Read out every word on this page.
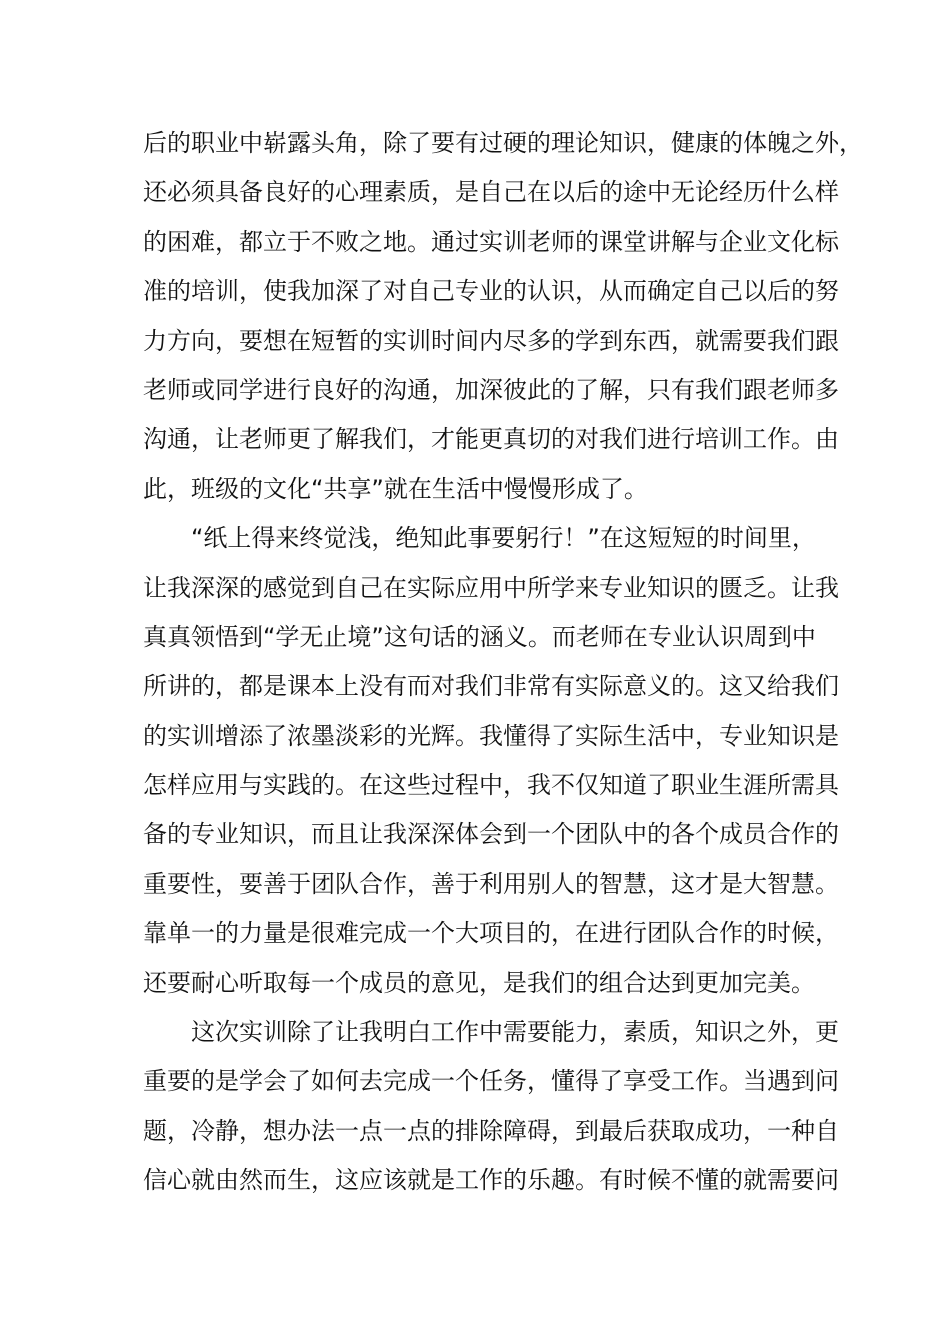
后的职业中崭露头角，除了要有过硬的理论知识，健康的体魄之外，
还必须具备良好的心理素质，是自己在以后的途中无论经历什么样
的困难，都立于不败之地。通过实训老师的课堂讲解与企业文化标
准的培训，使我加深了对自己专业的认识，从而确定自己以后的努
力方向，要想在短暂的实训时间内尽多的学到东西，就需要我们跟
老师或同学进行良好的沟通，加深彼此的了解，只有我们跟老师多
沟通，让老师更了解我们，才能更真切的对我们进行培训工作。由
此，班级的文化“共享”就在生活中慢慢形成了。
“纸上得来终觉浅，绝知此事要躬行！”在这短短的时间里，
让我深深的感觉到自己在实际应用中所学来专业知识的匮乏。让我
真真领悟到“学无止境”这句话的涵义。而老师在专业认识周到中
所讲的，都是课本上没有而对我们非常有实际意义的。这又给我们
的实训增添了浓墨淡彩的光辉。我懂得了实际生活中，专业知识是
怎样应用与实践的。在这些过程中，我不仅知道了职业生涯所需具
备的专业知识，而且让我深深体会到一个团队中的各个成员合作的
重要性，要善于团队合作，善于利用别人的智慧，这才是大智慧。
靠单一的力量是很难完成一个大项目的，在进行团队合作的时候，
还要耐心听取每一个成员的意见，是我们的组合达到更加完美。
这次实训除了让我明白工作中需要能力，素质，知识之外，更
重要的是学会了如何去完成一个任务，懂得了享受工作。当遇到问
题，冷静，想办法一点一点的排除障碍，到最后获取成功，一种自
信心就由然而生，这应该就是工作的乐趣。有时候不懂的就需要问
